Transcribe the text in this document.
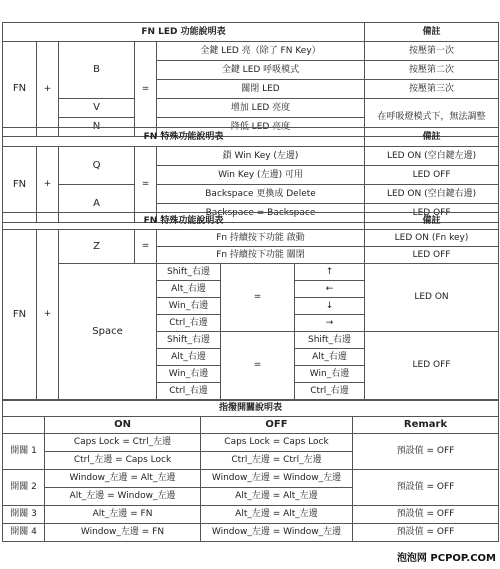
FN LED 功能說明表					備註
FN	+	B	=	全鍵 LED 亮（除了 FN Key）	按壓第一次
				全鍵 LED 呼吸模式	按壓第二次
				關閉 LED	按壓第三次
		V		增加 LED 亮度	在呼吸燈模式下，無法調整
		N		降低 LED 亮度	
FN 特殊功能說明表					備註
FN	+	Q	=	鎖 Win Key (左邊)	LED ON (空白鍵左邊)
				Win Key (左邊) 可用	LED OFF
		A		Backspace 更換成 Delete	LED ON (空白鍵右邊)
				Backspace = Backspace	LED OFF
FN 特殊功能說明表							備註
FN	+	Z	=	Fn 持續按下功能 啟動			LED ON (Fn key)
				Fn 持續按下功能 關閉			LED OFF
		Space		Shift_右邊	=	↑	LED ON
				Alt_右邊		←	
				Win_右邊		↓	
				Ctrl_右邊		→	
				Shift_右邊	=	Shift_右邊	LED OFF
				Alt_右邊		Alt_右邊	
				Win_右邊		Win_右邊	
				Ctrl_右邊		Ctrl_右邊	
指撥開關說明表			
	ON	OFF	Remark
開關 1	Caps Lock = Ctrl_左邊	Caps Lock = Caps Lock	預設值 = OFF
	Ctrl_左邊 = Caps Lock	Ctrl_左邊 = Ctrl_左邊	
開關 2	Window_左邊 = Alt_左邊	Window_左邊 = Window_左邊	預設值 = OFF
	Alt_左邊 = Window_左邊	Alt_左邊 = Alt_左邊	
開關 3	Alt_左邊 = FN	Alt_左邊 = Alt_左邊	預設值 = OFF
開關 4	Window_左邊 = FN	Window_左邊 = Window_左邊	預設值 = OFF
泡泡网 PCPOP.COM
